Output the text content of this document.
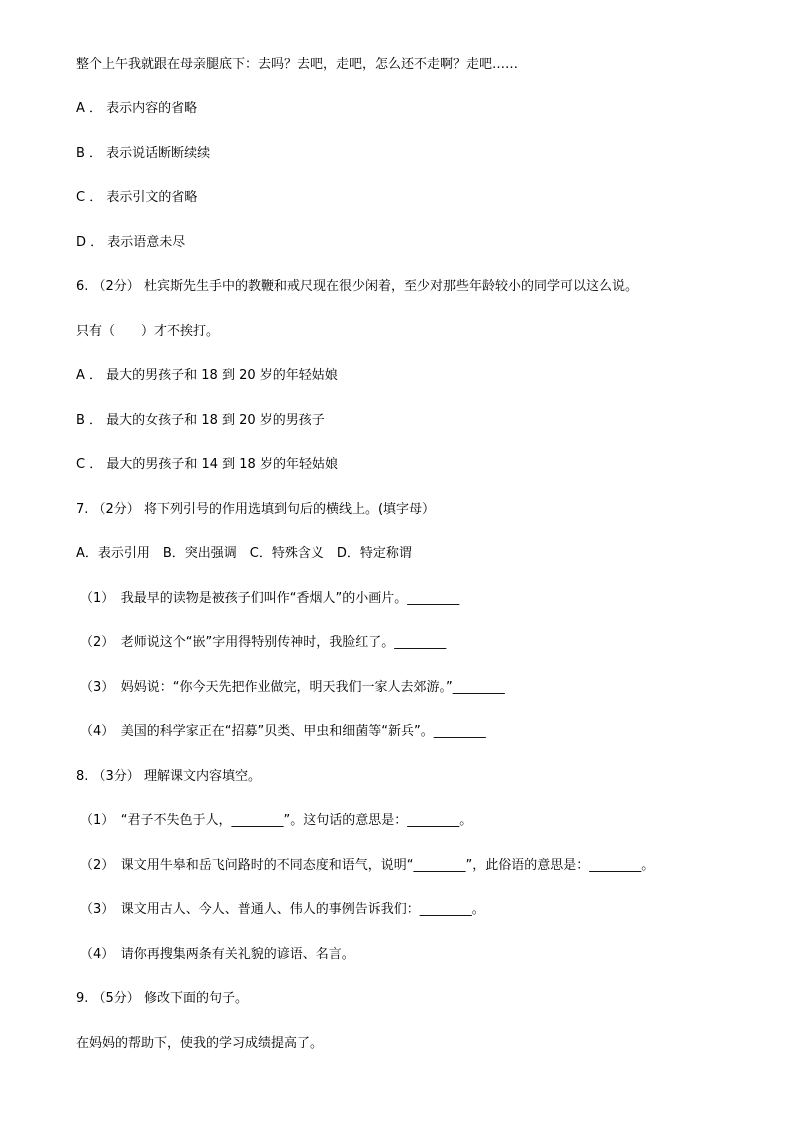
整个上午我就跟在母亲腿底下：去吗？去吧，走吧，怎么还不走啊？走吧……

A ． 表示内容的省略

B ． 表示说话断断续续

C ． 表示引文的省略

D ． 表示语意未尽

6. （2分） 杜宾斯先生手中的教鞭和戒尺现在很少闲着，至少对那些年龄较小的同学可以这么说。

只有（　　）才不挨打。

A ． 最大的男孩子和 18 到 20 岁的年轻姑娘

B ． 最大的女孩子和 18 到 20 岁的男孩子

C ． 最大的男孩子和 14 到 18 岁的年轻姑娘

7. （2分） 将下列引号的作用选填到句后的横线上。(填字母）

A．表示引用　B．突出强调　C．特殊含义　D．特定称谓

（1）　我最早的读物是被孩子们叫作“香烟人”的小画片。________

（2）　老师说这个“嵌”字用得特别传神时，我脸红了。________

（3）　妈妈说：“你今天先把作业做完，明天我们一家人去郊游。”________

（4）　美国的科学家正在“招募”贝类、甲虫和细菌等“新兵”。________

8. （3分） 理解课文内容填空。

（1）　“君子不失色于人，________”。这句话的意思是：________。

（2）　课文用牛皋和岳飞问路时的不同态度和语气，说明“________”，此俗语的意思是：________。

（3）　课文用古人、今人、普通人、伟人的事例告诉我们：________。

（4）　请你再搜集两条有关礼貌的谚语、名言。

9. （5分） 修改下面的句子。

在妈妈的帮助下，使我的学习成绩提高了。
